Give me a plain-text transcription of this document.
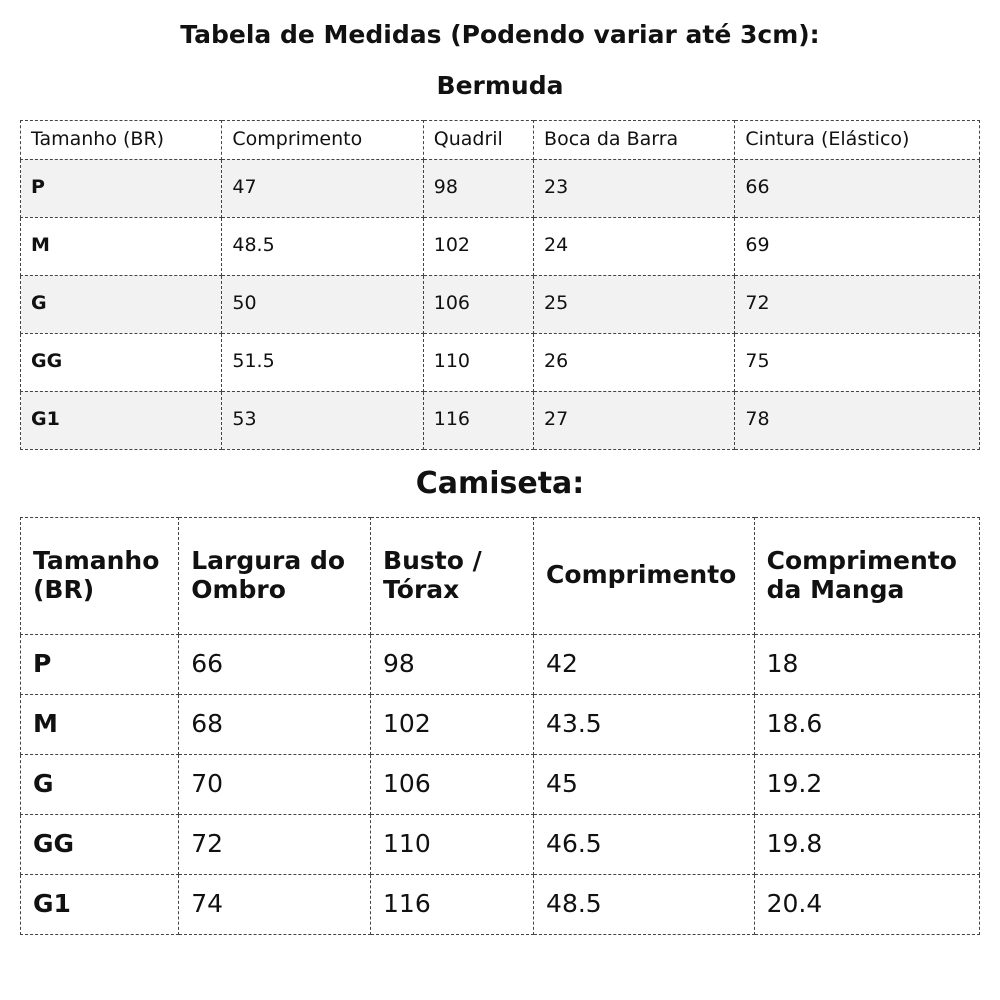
Tabela de Medidas (Podendo variar até 3cm):
Bermuda
Tamanho (BR)	Comprimento	Quadril	Boca da Barra	Cintura (Elástico)
P	47	98	23	66
M	48.5	102	24	69
G	50	106	25	72
GG	51.5	110	26	75
G1	53	116	27	78
Camiseta:
Tamanho (BR)	Largura do Ombro	Busto / Tórax	Comprimento	Comprimento da Manga
P	66	98	42	18
M	68	102	43.5	18.6
G	70	106	45	19.2
GG	72	110	46.5	19.8
G1	74	116	48.5	20.4
